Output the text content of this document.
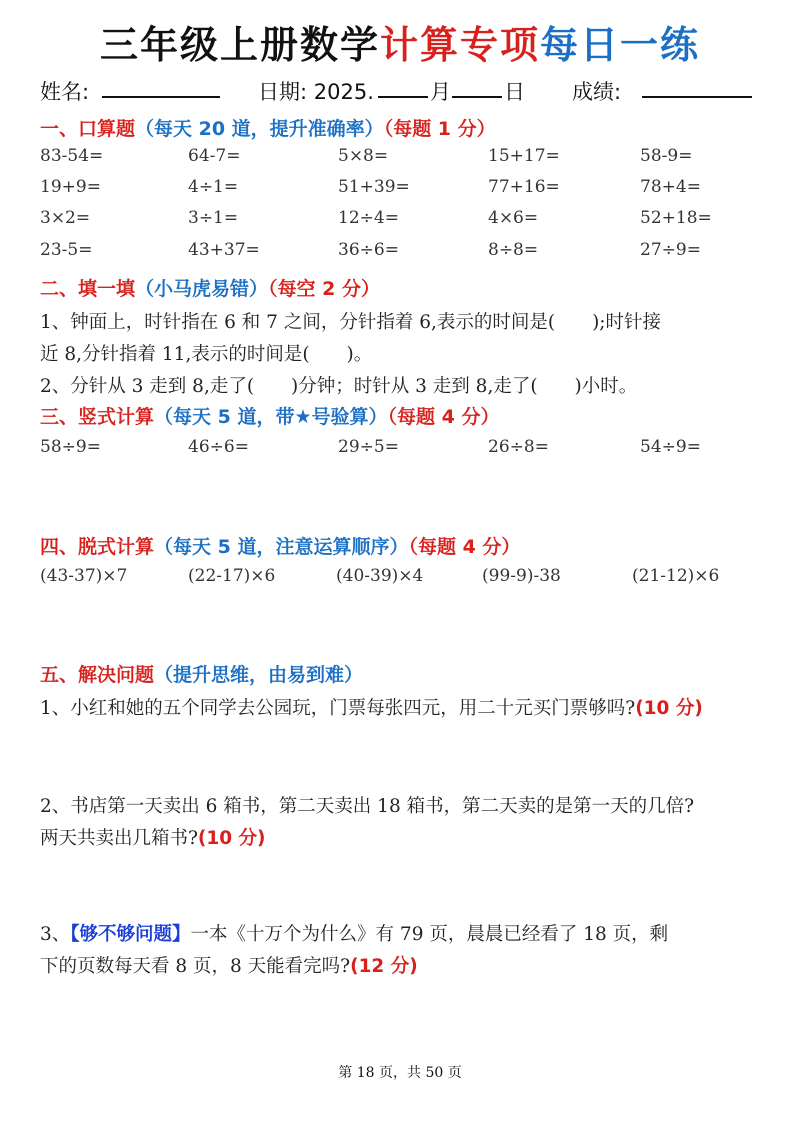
三年级上册数学计算专项每日一练
姓名:	日期: 2025.	月	日 成绩:
一、口算题（每天 20 道，提升准确率）（每题 1 分）
83-54=	64-7=	5×8=	15+17=	58-9=
19+9=	4÷1=	51+39=	77+16=	78+4=
3×2=	3÷1=	12÷4=	4×6=	52+18=
23-5=	43+37=	36÷6=	8÷8=	27÷9=
二、填一填（小马虎易错）（每空 2 分）
1、钟面上，时针指在 6 和 7 之间，分针指着 6,表示的时间是(　　);时针接
近 8,分针指着 11,表示的时间是(　　)。
2、分针从 3 走到 8,走了(　　)分钟；时针从 3 走到 8,走了(　　)小时。
三、竖式计算（每天 5 道，带★号验算）（每题 4 分）
58÷9=	46÷6=	29÷5=	26÷8=	54÷9=
四、脱式计算（每天 5 道，注意运算顺序）（每题 4 分）
(43-37)×7	(22-17)×6	(40-39)×4	(99-9)-38	(21-12)×6
五、解决问题（提升思维，由易到难）
1、小红和她的五个同学去公园玩，门票每张四元，用二十元买门票够吗?(10 分)
2、书店第一天卖出 6 箱书，第二天卖出 18 箱书，第二天卖的是第一天的几倍?
两天共卖出几箱书?(10 分)
3、【够不够问题】一本《十万个为什么》有 79 页，晨晨已经看了 18 页，剩
下的页数每天看 8 页，8 天能看完吗?(12 分)
第 18 页，共 50 页
